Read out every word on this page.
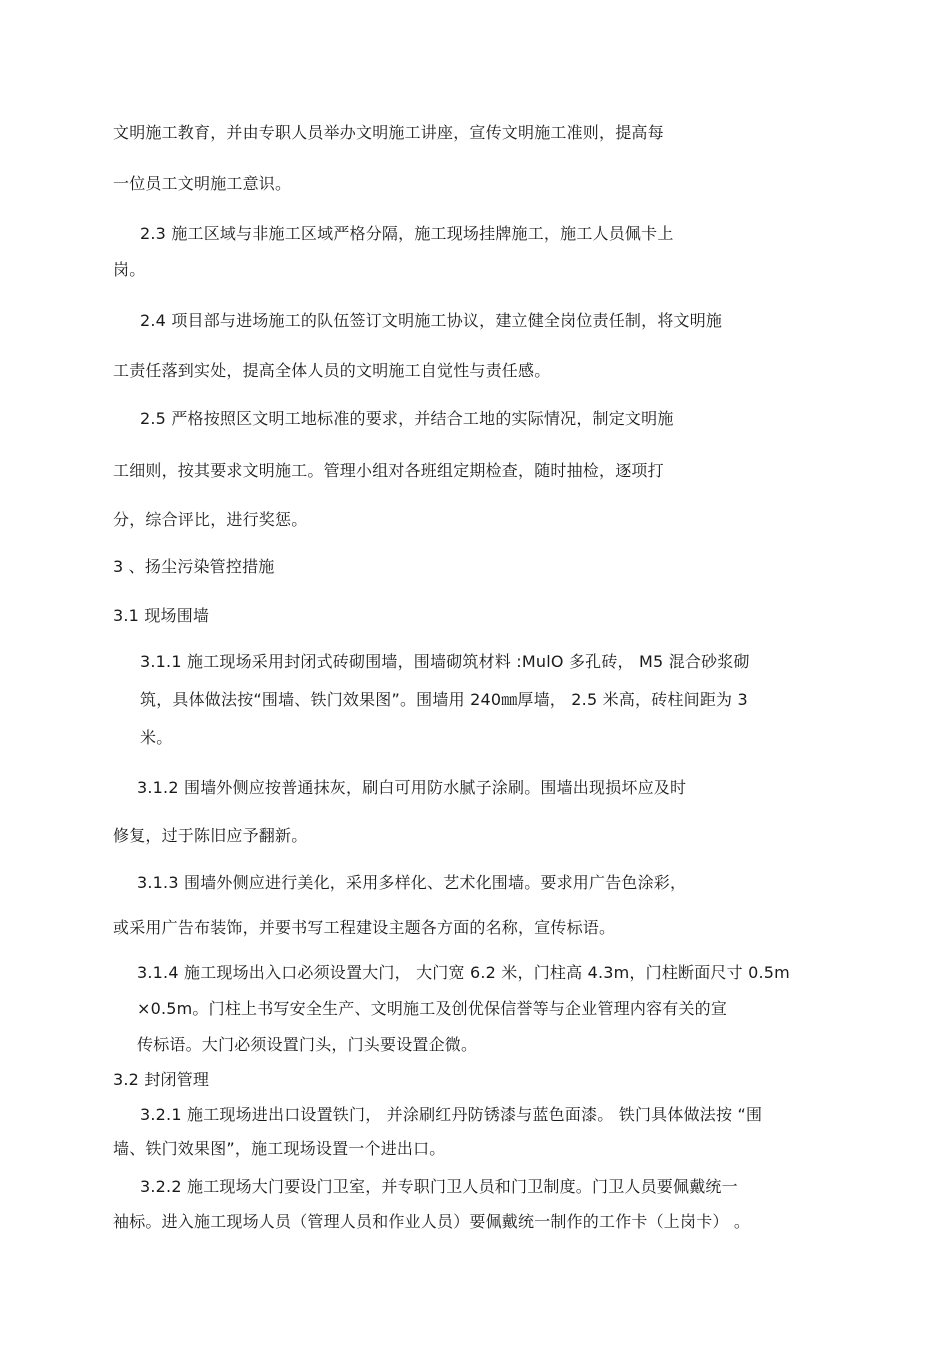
文明施工教育，并由专职人员举办文明施工讲座，宣传文明施工准则，提高每
一位员工文明施工意识。
2.3 施工区域与非施工区域严格分隔，施工现场挂牌施工，施工人员佩卡上
岗。
2.4 项目部与进场施工的队伍签订文明施工协议，建立健全岗位责任制，将文明施
工责任落到实处，提高全体人员的文明施工自觉性与责任感。
2.5 严格按照区文明工地标准的要求，并结合工地的实际情况，制定文明施
工细则，按其要求文明施工。管理小组对各班组定期检查，随时抽检，逐项打
分，综合评比，进行奖惩。
3 、扬尘污染管控措施
3.1 现场围墙
3.1.1 施工现场采用封闭式砖砌围墙，围墙砌筑材料 :MulO 多孔砖， M5 混合砂浆砌
筑，具体做法按“围墙、铁门效果图”。围墙用 240㎜厚墙， 2.5 米高，砖柱间距为 3
米。
3.1.2 围墙外侧应按普通抹灰，刷白可用防水腻子涂刷。围墙出现损坏应及时
修复，过于陈旧应予翻新。
3.1.3 围墙外侧应进行美化，采用多样化、艺术化围墙。要求用广告色涂彩，
或采用广告布装饰，并要书写工程建设主题各方面的名称，宣传标语。
3.1.4 施工现场出入口必须设置大门， 大门宽 6.2 米，门柱高 4.3m，门柱断面尺寸 0.5m
×0.5m。门柱上书写安全生产、文明施工及创优保信誉等与企业管理内容有关的宣
传标语。大门必须设置门头，门头要设置企微。
3.2 封闭管理
3.2.1 施工现场进出口设置铁门， 并涂刷红丹防锈漆与蓝色面漆。 铁门具体做法按 “围
墙、铁门效果图”，施工现场设置一个进出口。
3.2.2 施工现场大门要设门卫室，并专职门卫人员和门卫制度。门卫人员要佩戴统一
袖标。进入施工现场人员（管理人员和作业人员）要佩戴统一制作的工作卡（上岗卡） 。
